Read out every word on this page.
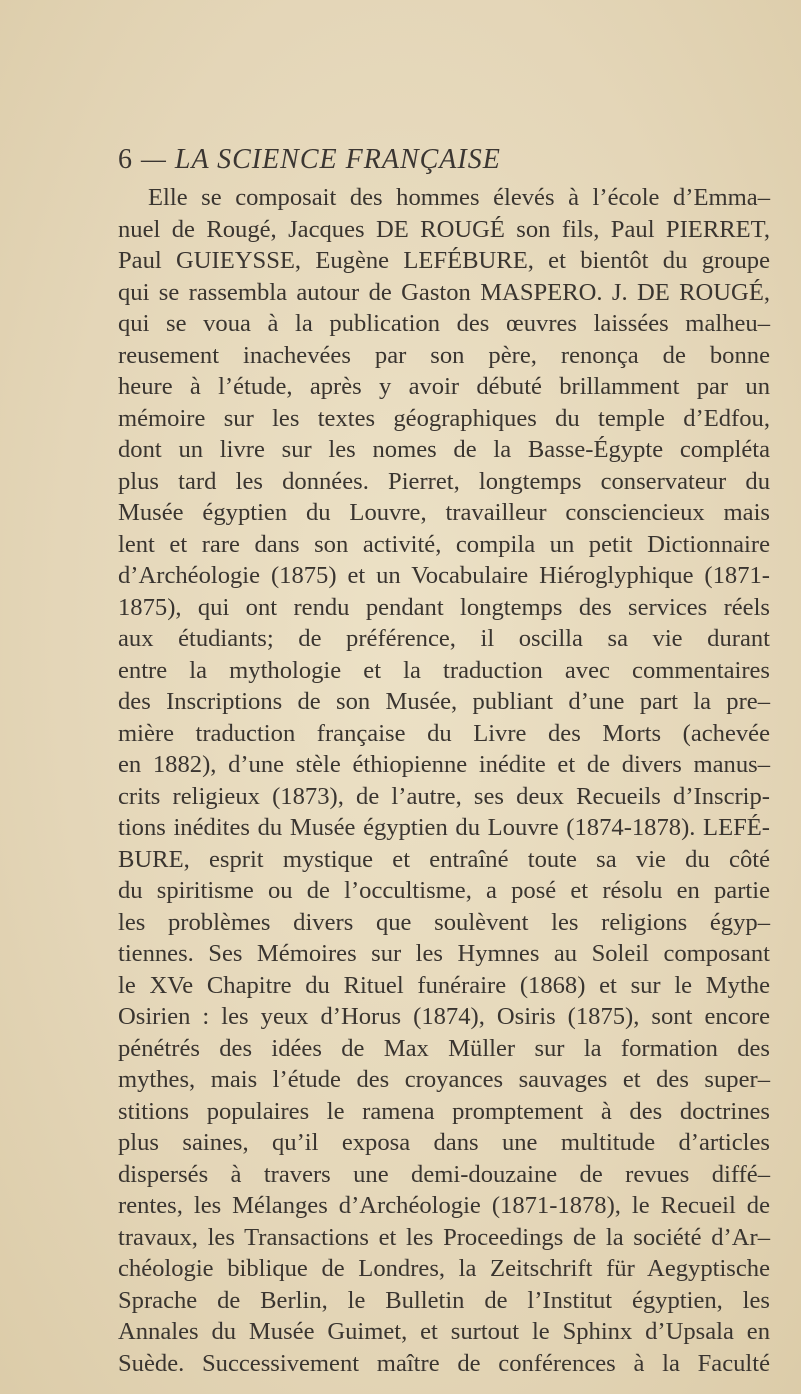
6 — LA SCIENCE FRANÇAISE
Elle se composait des hommes élevés à l’école d’Emma–
nuel de Rougé, Jacques DE ROUGÉ son fils, Paul PIERRET,
Paul GUIEYSSE, Eugène LEFÉBURE, et bientôt du groupe
qui se rassembla autour de Gaston MASPERO. J. DE ROUGÉ,
qui se voua à la publication des œuvres laissées malheu–
reusement inachevées par son père, renonça de bonne
heure à l’étude, après y avoir débuté brillamment par un
mémoire sur les textes géographiques du temple d’Edfou,
dont un livre sur les nomes de la Basse-Égypte compléta
plus tard les données. Pierret, longtemps conservateur du
Musée égyptien du Louvre, travailleur consciencieux mais
lent et rare dans son activité, compila un petit Dictionnaire
d’Archéologie (1875) et un Vocabulaire Hiéroglyphique (1871-
1875), qui ont rendu pendant longtemps des services réels
aux étudiants; de préférence, il oscilla sa vie durant
entre la mythologie et la traduction avec commentaires
des Inscriptions de son Musée, publiant d’une part la pre–
mière traduction française du Livre des Morts (achevée
en 1882), d’une stèle éthiopienne inédite et de divers manus–
crits religieux (1873), de l’autre, ses deux Recueils d’Inscrip-
tions inédites du Musée égyptien du Louvre (1874-1878). LEFÉ-
BURE, esprit mystique et entraîné toute sa vie du côté
du spiritisme ou de l’occultisme, a posé et résolu en partie
les problèmes divers que soulèvent les religions égyp–
tiennes. Ses Mémoires sur les Hymnes au Soleil composant
le XVe Chapitre du Rituel funéraire (1868) et sur le Mythe
Osirien : les yeux d’Horus (1874), Osiris (1875), sont encore
pénétrés des idées de Max Müller sur la formation des
mythes, mais l’étude des croyances sauvages et des super–
stitions populaires le ramena promptement à des doctrines
plus saines, qu’il exposa dans une multitude d’articles
dispersés à travers une demi-douzaine de revues diffé–
rentes, les Mélanges d’Archéologie (1871-1878), le Recueil de
travaux, les Transactions et les Proceedings de la société d’Ar–
chéologie biblique de Londres, la Zeitschrift für Aegyptische
Sprache de Berlin, le Bulletin de l’Institut égyptien, les
Annales du Musée Guimet, et surtout le Sphinx d’Upsala en
Suède. Successivement maître de conférences à la Faculté
